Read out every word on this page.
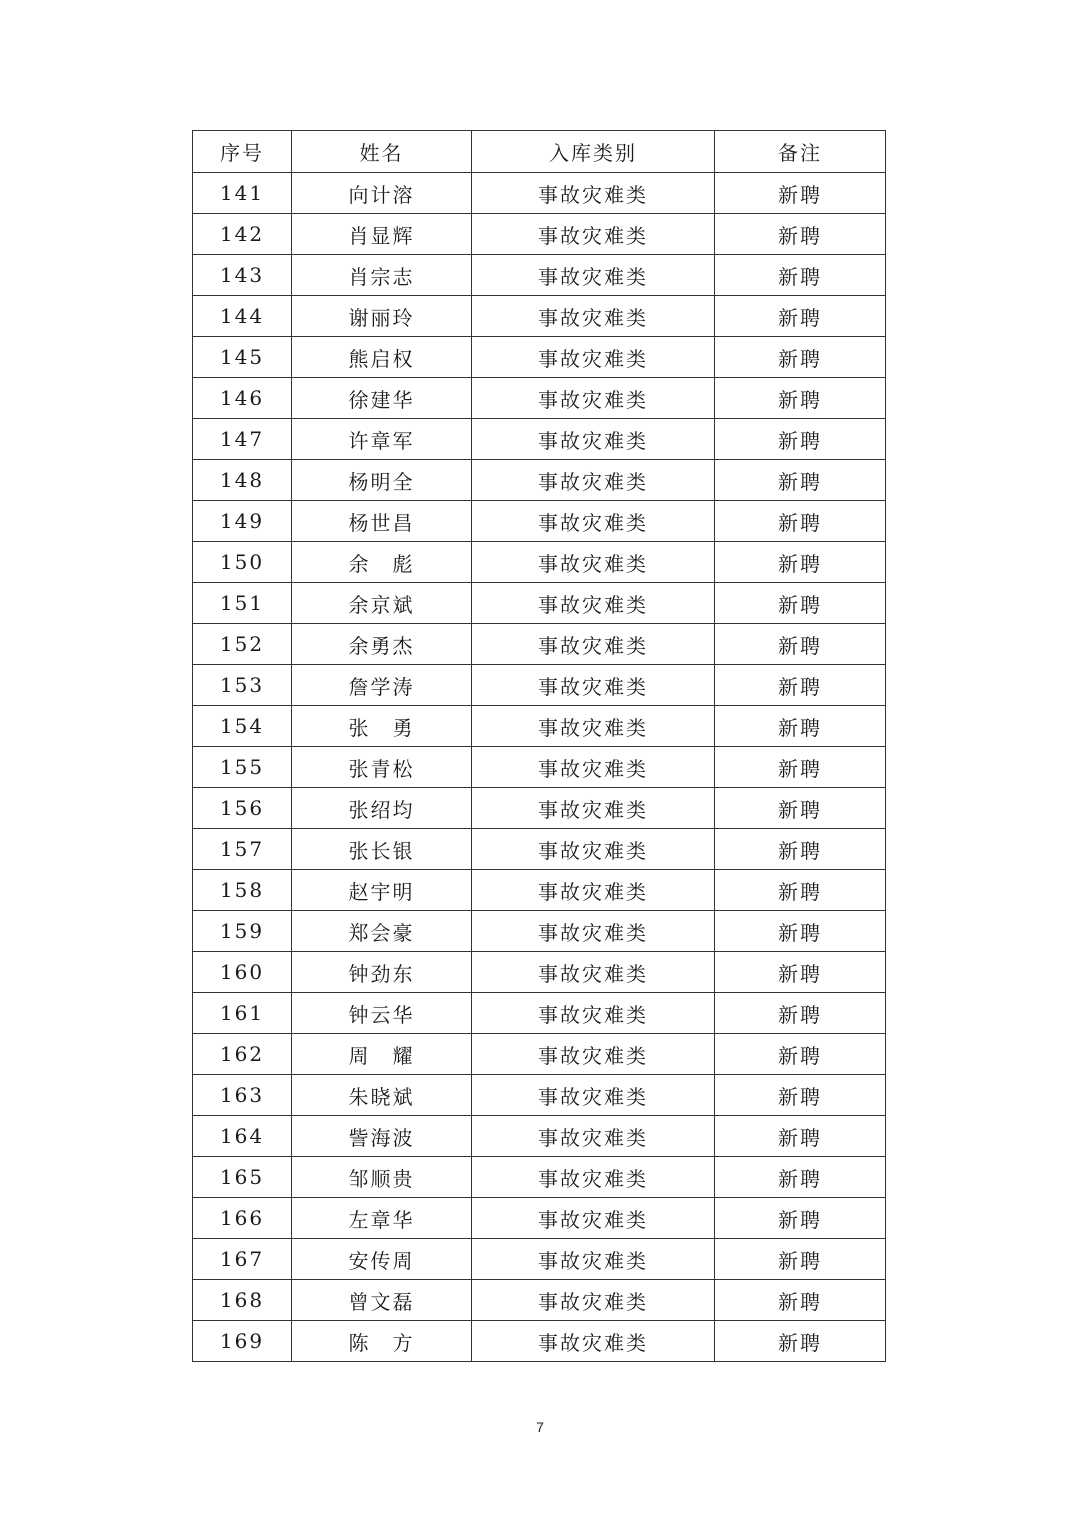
序号	姓名	入库类别	备注
141	向计溶	事故灾难类	新聘
142	肖显辉	事故灾难类	新聘
143	肖宗志	事故灾难类	新聘
144	谢丽玲	事故灾难类	新聘
145	熊启权	事故灾难类	新聘
146	徐建华	事故灾难类	新聘
147	许章军	事故灾难类	新聘
148	杨明全	事故灾难类	新聘
149	杨世昌	事故灾难类	新聘
150	余　彪	事故灾难类	新聘
151	余京斌	事故灾难类	新聘
152	余勇杰	事故灾难类	新聘
153	詹学涛	事故灾难类	新聘
154	张　勇	事故灾难类	新聘
155	张青松	事故灾难类	新聘
156	张绍均	事故灾难类	新聘
157	张长银	事故灾难类	新聘
158	赵宇明	事故灾难类	新聘
159	郑会豪	事故灾难类	新聘
160	钟劲东	事故灾难类	新聘
161	钟云华	事故灾难类	新聘
162	周　耀	事故灾难类	新聘
163	朱晓斌	事故灾难类	新聘
164	訾海波	事故灾难类	新聘
165	邹顺贵	事故灾难类	新聘
166	左章华	事故灾难类	新聘
167	安传周	事故灾难类	新聘
168	曾文磊	事故灾难类	新聘
169	陈　方	事故灾难类	新聘
7
